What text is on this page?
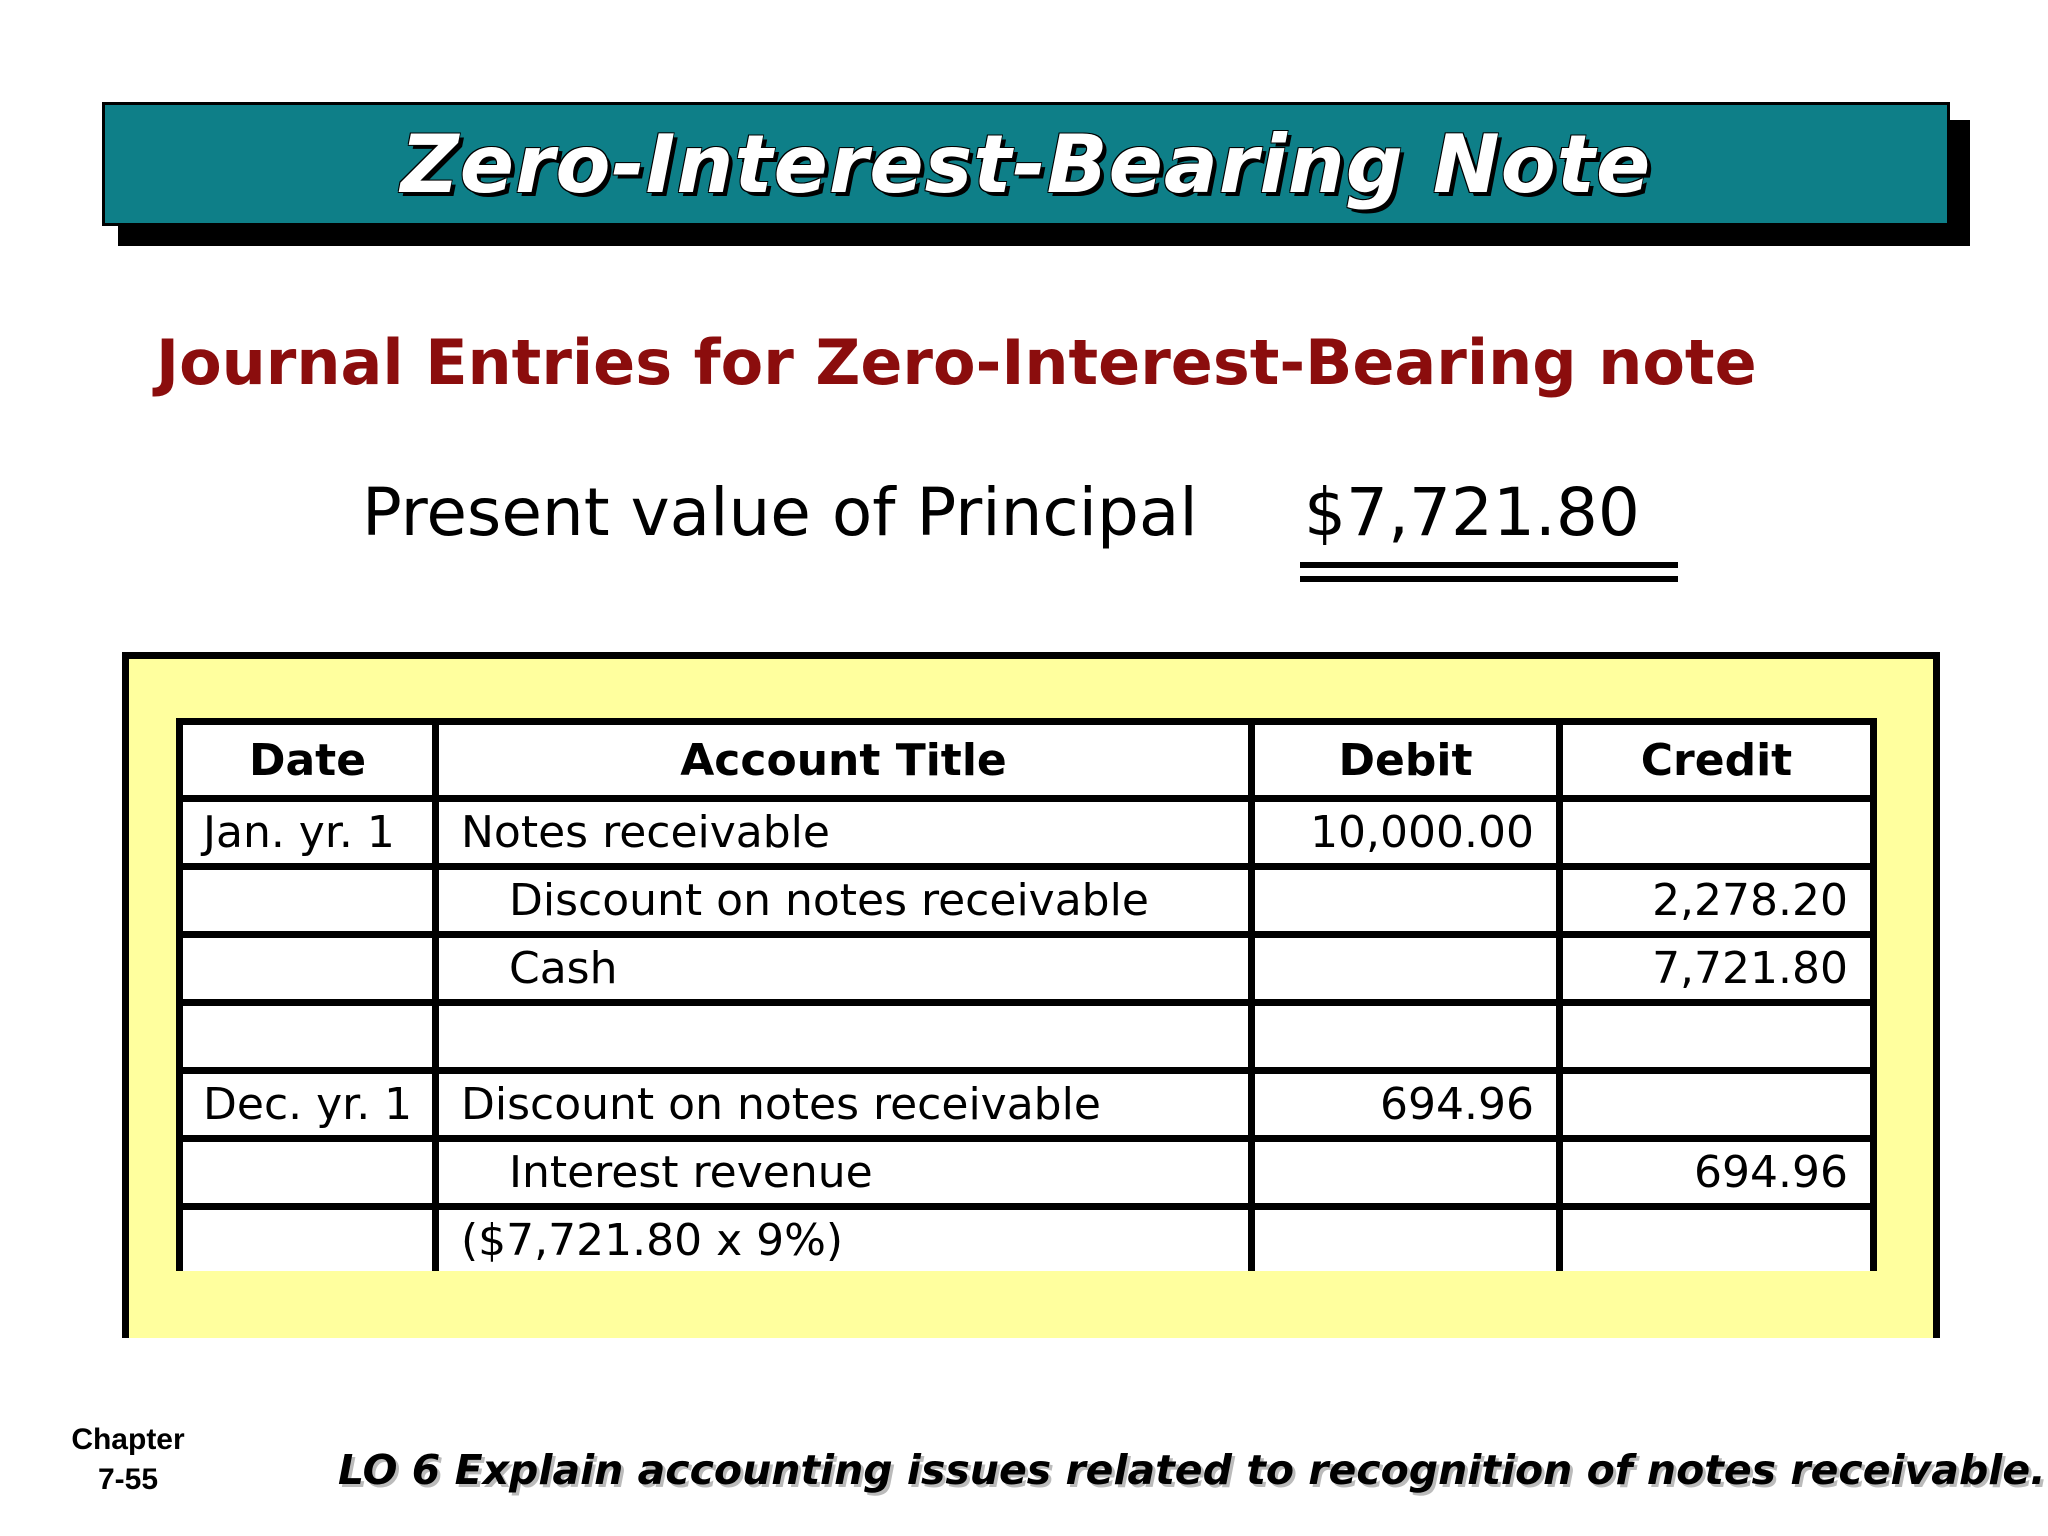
Zero-Interest-Bearing Note
Journal Entries for Zero-Interest-Bearing note
Present value of Principal $7,721.80
Date	Account Title	Debit	Credit
Jan. yr. 1	Notes receivable	10,000.00	
	Discount on notes receivable		2,278.20
	Cash		7,721.80

Dec. yr. 1	Discount on notes receivable	694.96	
	Interest revenue		694.96
	($7,721.80 x 9%)		
Chapter
7-55	LO 6 Explain accounting issues related to recognition of notes receivable.
